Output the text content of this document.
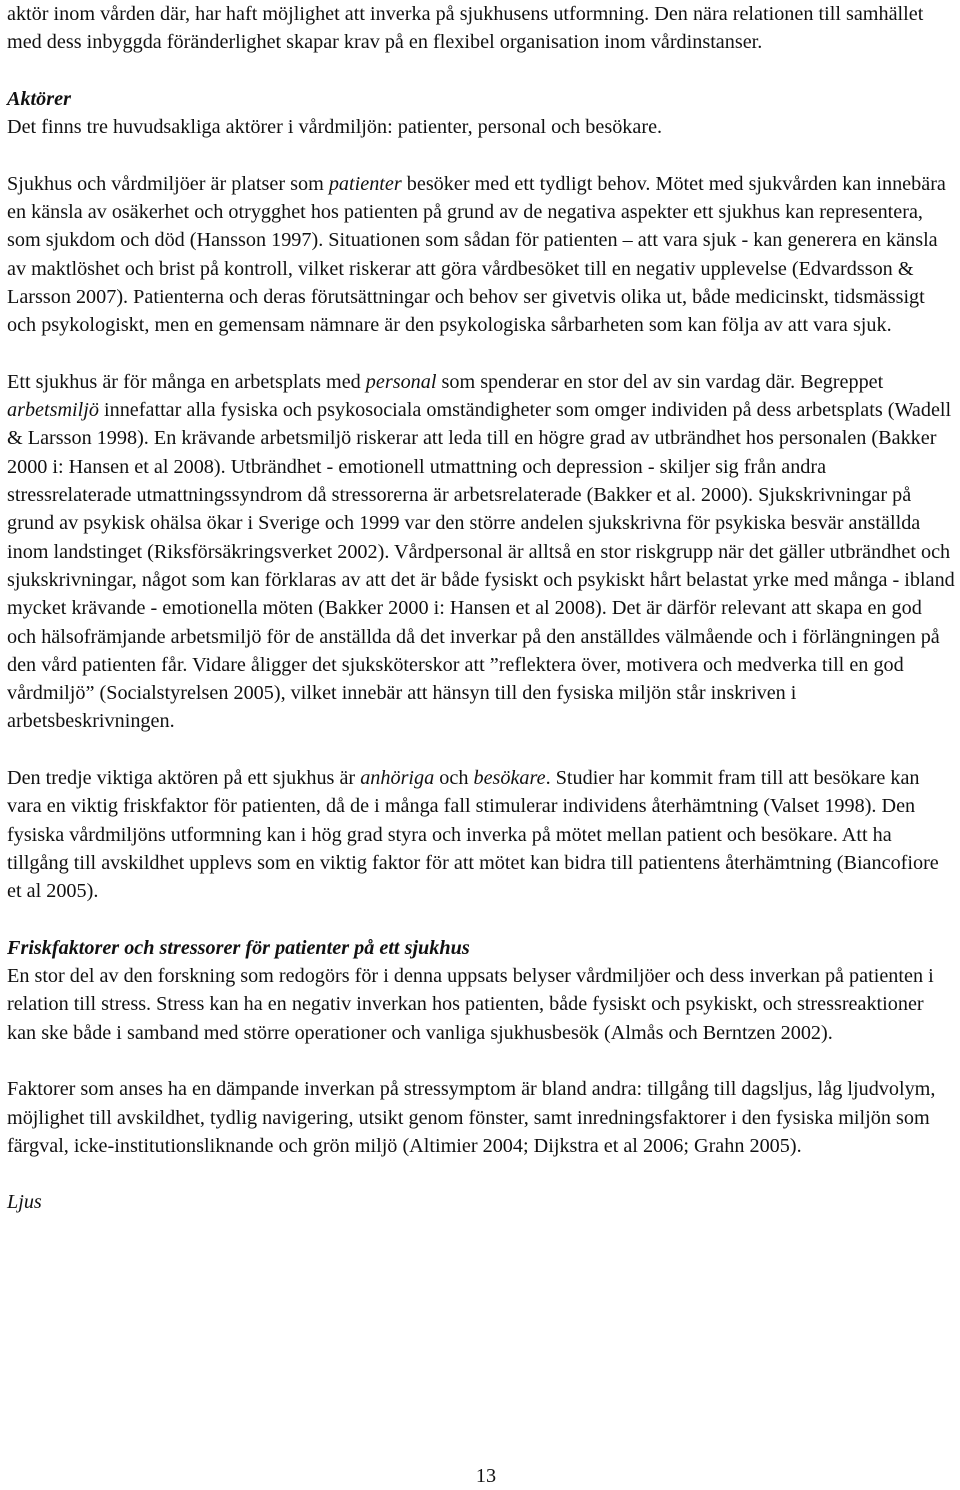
aktör inom vården där, har haft möjlighet att inverka på sjukhusens utformning. Den nära relationen till samhället med dess inbyggda föränderlighet skapar krav på en flexibel organisation inom vårdinstanser.

Aktörer

Det finns tre huvudsakliga aktörer i vårdmiljön: patienter, personal och besökare.

Sjukhus och vårdmiljöer är platser som patienter besöker med ett tydligt behov. Mötet med sjukvården kan innebära en känsla av osäkerhet och otrygghet hos patienten på grund av de negativa aspekter ett sjukhus kan representera, som sjukdom och död (Hansson 1997). Situationen som sådan för patienten – att vara sjuk - kan generera en känsla av maktlöshet och brist på kontroll, vilket riskerar att göra vårdbesöket till en negativ upplevelse (Edvardsson & Larsson 2007). Patienterna och deras förutsättningar och behov ser givetvis olika ut, både medicinskt, tidsmässigt och psykologiskt, men en gemensam nämnare är den psykologiska sårbarheten som kan följa av att vara sjuk.

Ett sjukhus är för många en arbetsplats med personal som spenderar en stor del av sin vardag där. Begreppet arbetsmiljö innefattar alla fysiska och psykosociala omständigheter som omger individen på dess arbetsplats (Wadell & Larsson 1998). En krävande arbetsmiljö riskerar att leda till en högre grad av utbrändhet hos personalen (Bakker 2000 i: Hansen et al 2008). Utbrändhet - emotionell utmattning och depression - skiljer sig från andra stressrelaterade utmattningssyndrom då stressorerna är arbetsrelaterade (Bakker et al. 2000). Sjukskrivningar på grund av psykisk ohälsa ökar i Sverige och 1999 var den större andelen sjukskrivna för psykiska besvär anställda inom landstinget (Riksförsäkringsverket 2002). Vårdpersonal är alltså en stor riskgrupp när det gäller utbrändhet och sjukskrivningar, något som kan förklaras av att det är både fysiskt och psykiskt hårt belastat yrke med många - ibland mycket krävande - emotionella möten (Bakker 2000 i: Hansen et al 2008). Det är därför relevant att skapa en god och hälsofrämjande arbetsmiljö för de anställda då det inverkar på den anställdes välmående och i förlängningen på den vård patienten får. Vidare åligger det sjuksköterskor att ”reflektera över, motivera och medverka till en god vårdmiljö” (Socialstyrelsen 2005), vilket innebär att hänsyn till den fysiska miljön står inskriven i arbetsbeskrivningen.

Den tredje viktiga aktören på ett sjukhus är anhöriga och besökare. Studier har kommit fram till att besökare kan vara en viktig friskfaktor för patienten, då de i många fall stimulerar individens återhämtning (Valset 1998). Den fysiska vårdmiljöns utformning kan i hög grad styra och inverka på mötet mellan patient och besökare. Att ha tillgång till avskildhet upplevs som en viktig faktor för att mötet kan bidra till patientens återhämtning (Biancofiore et al 2005).

Friskfaktorer och stressorer för patienter på ett sjukhus

En stor del av den forskning som redogörs för i denna uppsats belyser vårdmiljöer och dess inverkan på patienten i relation till stress. Stress kan ha en negativ inverkan hos patienten, både fysiskt och psykiskt, och stressreaktioner kan ske både i samband med större operationer och vanliga sjukhusbesök (Almås och Berntzen 2002).

Faktorer som anses ha en dämpande inverkan på stressymptom är bland andra: tillgång till dagsljus, låg ljudvolym, möjlighet till avskildhet, tydlig navigering, utsikt genom fönster, samt inredningsfaktorer i den fysiska miljön som färgval, icke-institutionsliknande och grön miljö (Altimier 2004; Dijkstra et al 2006; Grahn 2005).

Ljus

13
